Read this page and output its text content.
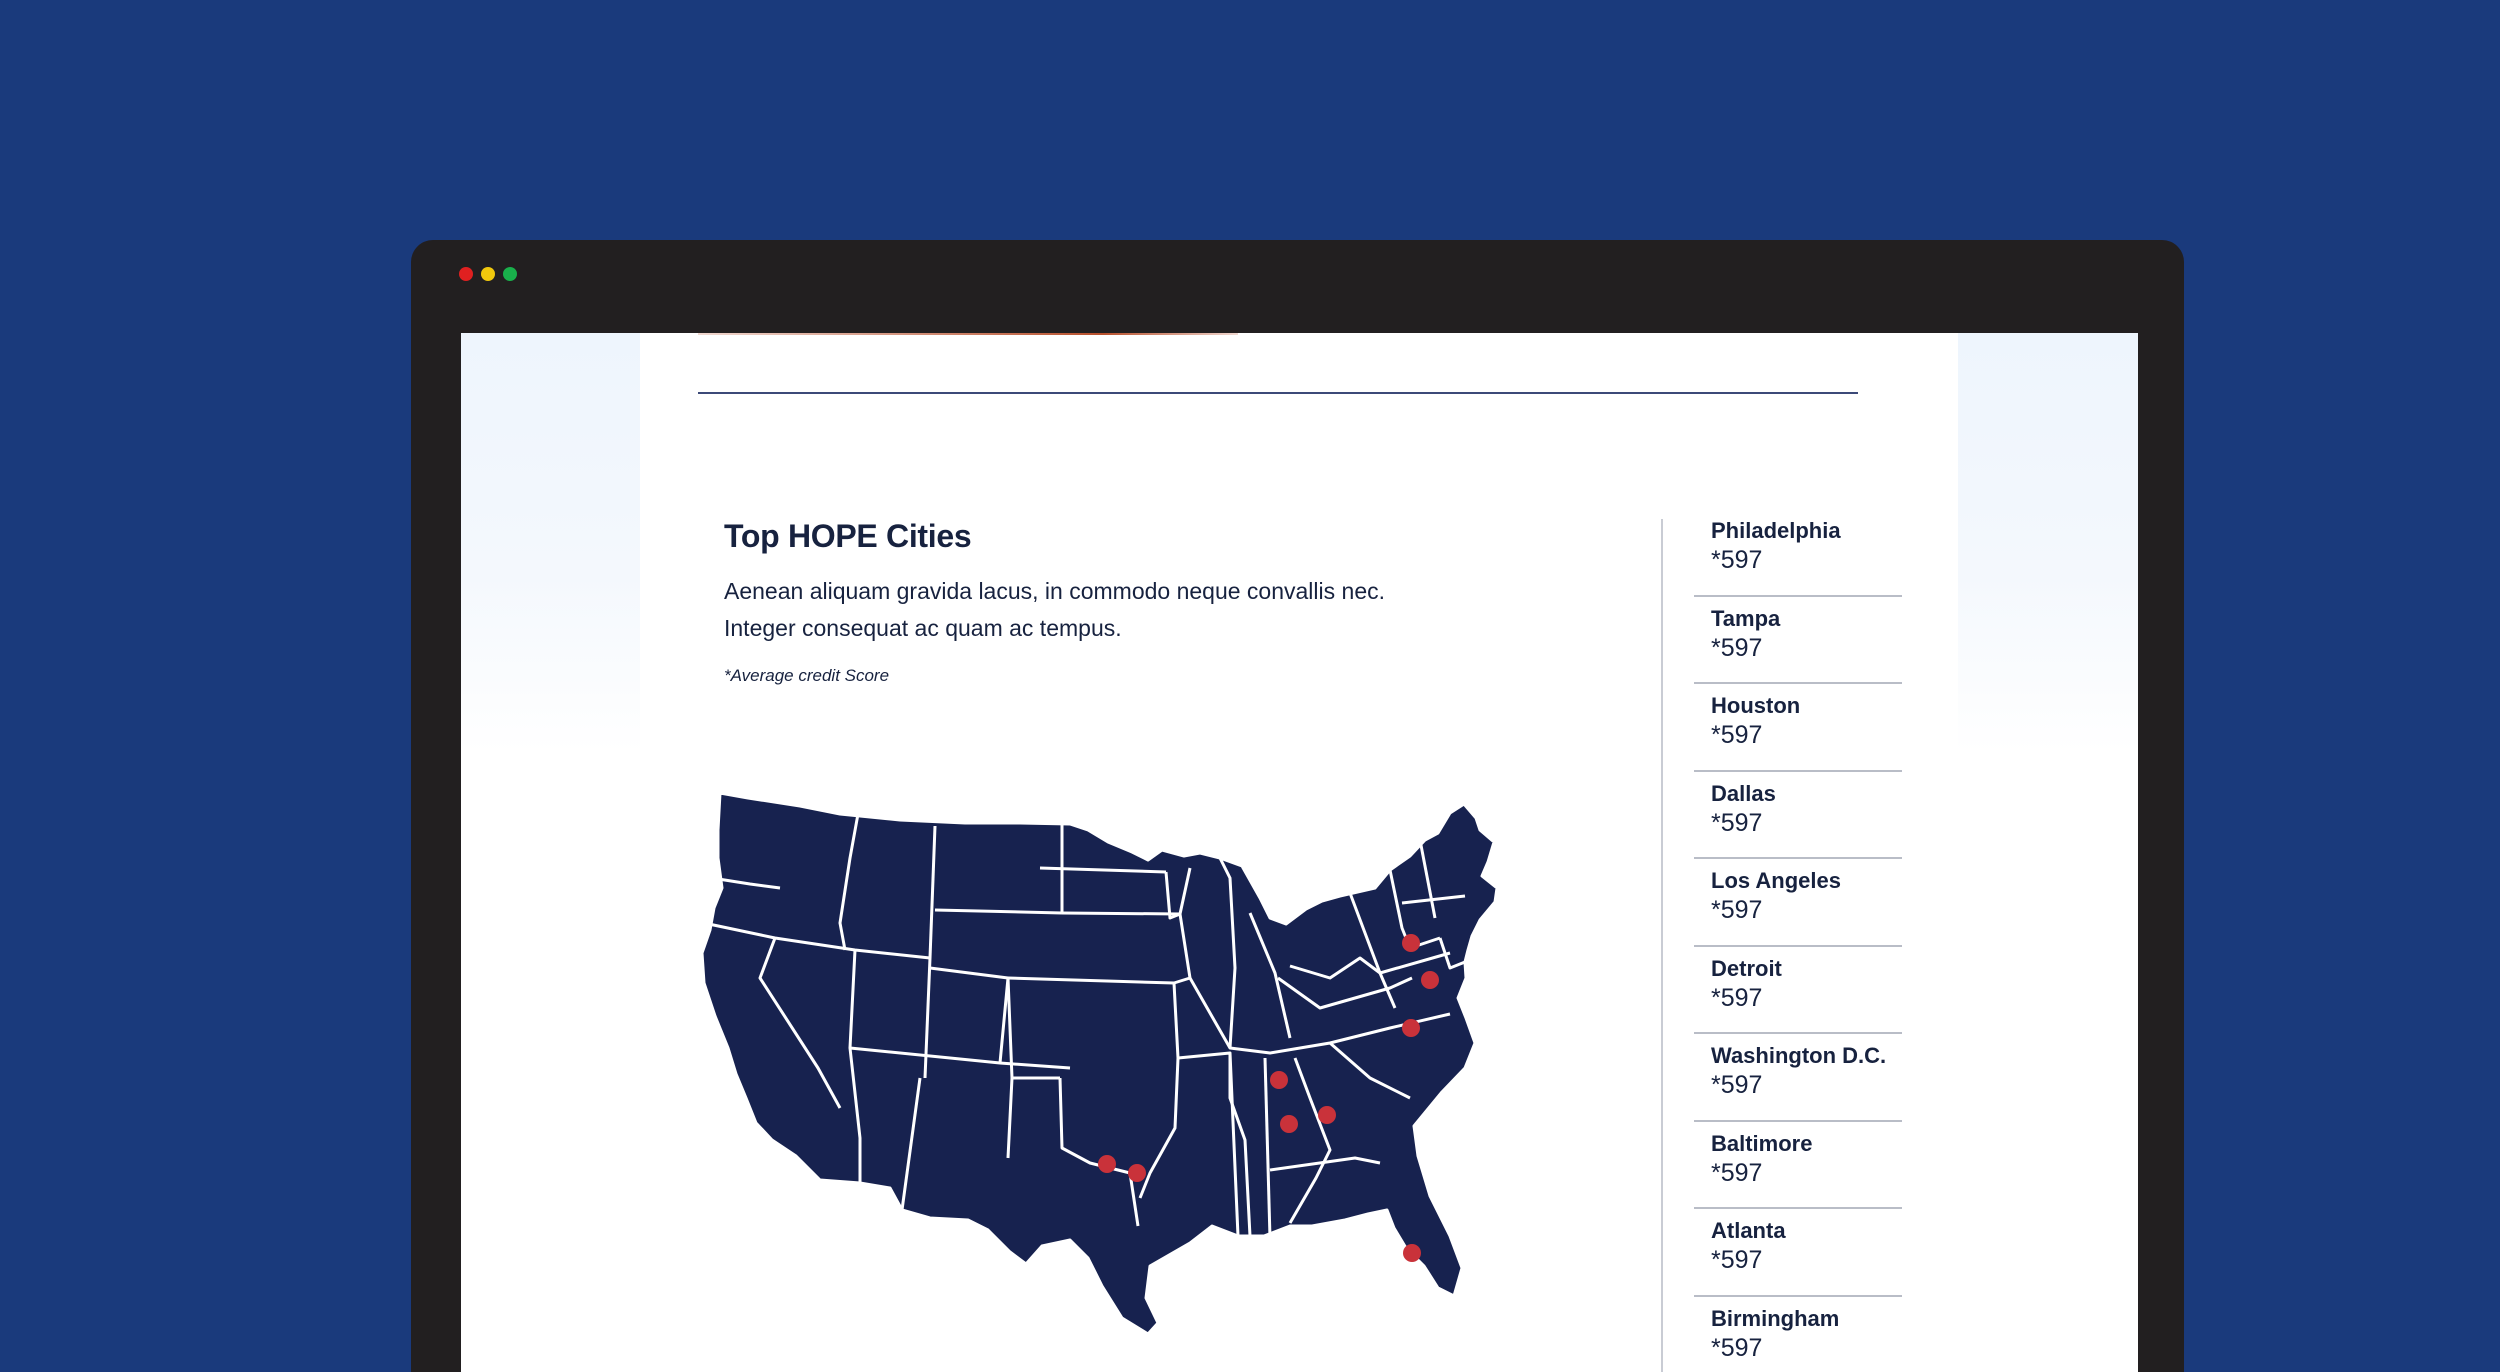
Top HOPE Cities

Aenean aliquam gravida lacus, in commodo neque convallis nec.
Integer consequat ac quam ac tempus.

*Average credit Score

Philadelphia
*597
Tampa
*597
Houston
*597
Dallas
*597
Los Angeles
*597
Detroit
*597
Washington D.C.
*597
Baltimore
*597
Atlanta
*597
Birmingham
*597
